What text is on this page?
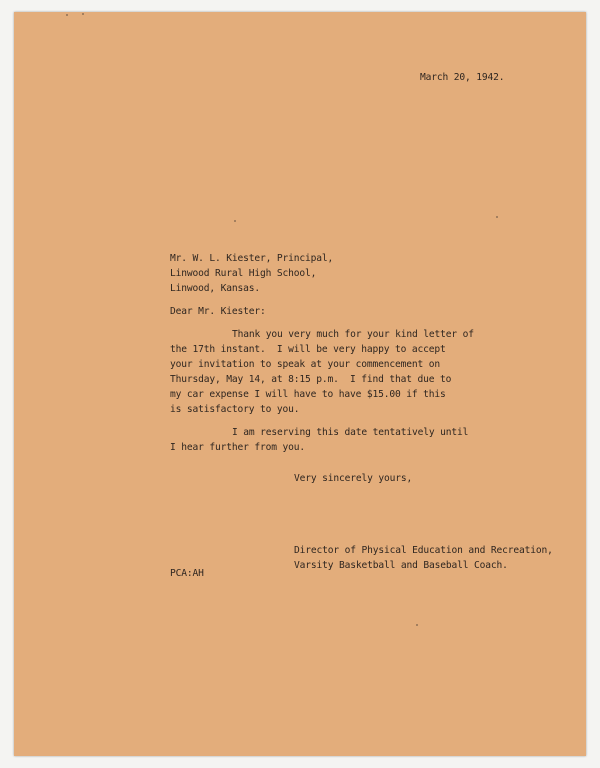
March 20, 1942.
Mr. W. L. Kiester, Principal,
Linwood Rural High School,
Linwood, Kansas.
Dear Mr. Kiester:
Thank you very much for your kind letter of
the 17th instant.  I will be very happy to accept
your invitation to speak at your commencement on
Thursday, May 14, at 8:15 p.m.  I find that due to
my car expense I will have to have $15.00 if this
is satisfactory to you.
I am reserving this date tentatively until
I hear further from you.
Very sincerely yours,
PCA:AH
Director of Physical Education and Recreation,
Varsity Basketball and Baseball Coach.
